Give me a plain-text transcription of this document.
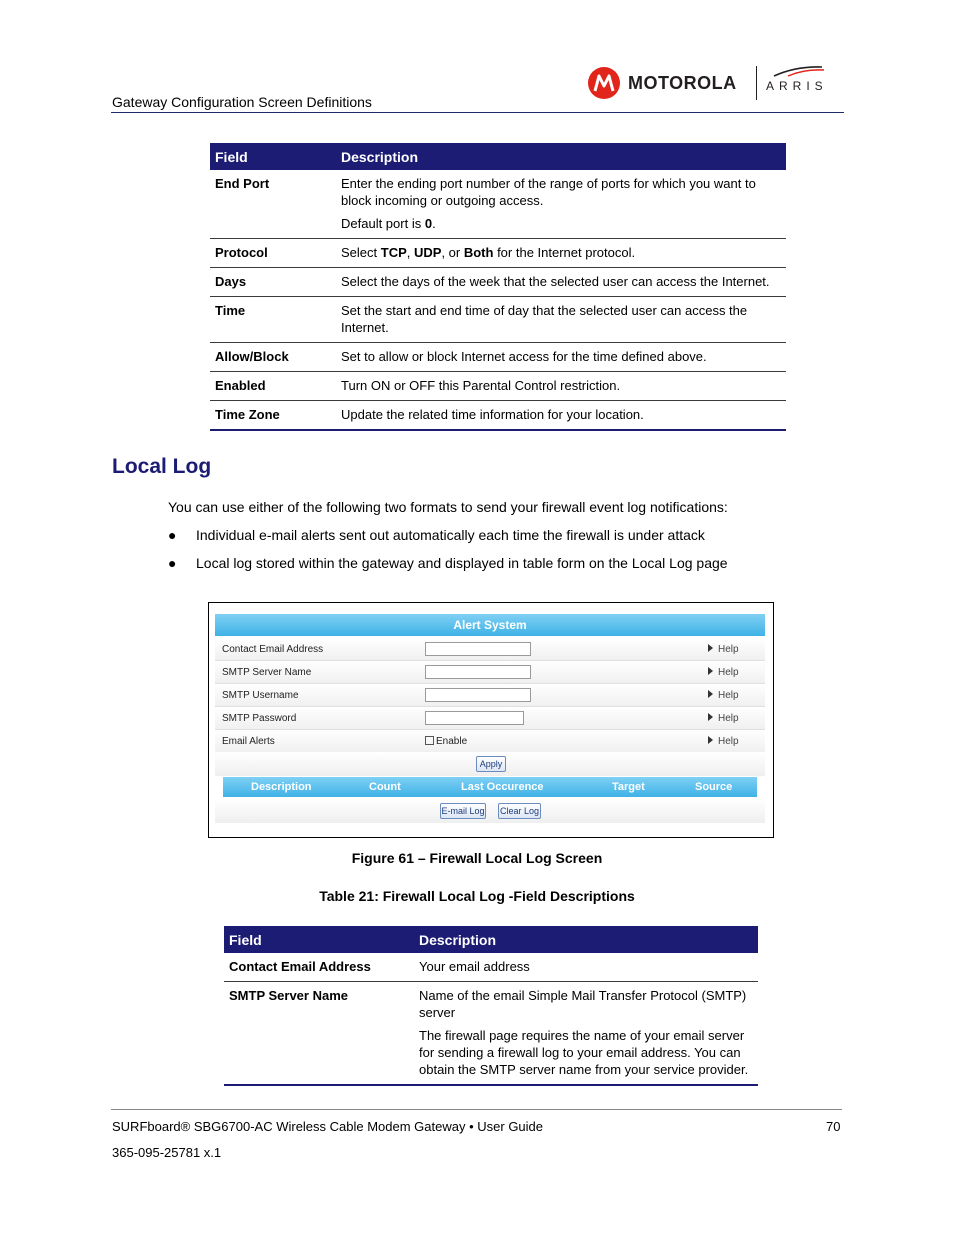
MOTOROLA ARRIS
Gateway Configuration Screen Definitions
Field	Description
End Port	Enter the ending port number of the range of ports for which you want to block incoming or outgoing access.

Default port is 0.

Protocol	Select TCP, UDP, or Both for the Internet protocol.
Days	Select the days of the week that the selected user can access the Internet.
Time	Set the start and end time of day that the selected user can access the Internet.
Allow/Block	Set to allow or block Internet access for the time defined above.
Enabled	Turn ON or OFF this Parental Control restriction.
Time Zone	Update the related time information for your location.
Local Log
You can use either of the following two formats to send your firewall event log notifications:
● Individual e-mail alerts sent out automatically each time the firewall is under attack
● Local log stored within the gateway and displayed in table form on the Local Log page
Alert System
Contact Email Address	Help
SMTP Server Name	Help
SMTP Username	Help
SMTP Password	Help
Email Alerts	Enable	Help
Apply
Description	Count	Last Occurence	Target	Source
E-mail Log Clear Log
Figure 61 – Firewall Local Log Screen
Table 21: Firewall Local Log -Field Descriptions
Field	Description
Contact Email Address	Your email address
SMTP Server Name	Name of the email Simple Mail Transfer Protocol (SMTP) server

The firewall page requires the name of your email server for sending a firewall log to your email address. You can obtain the SMTP server name from your service provider.

SURFboard® SBG6700-AC Wireless Cable Modem Gateway • User Guide
365-095-25781 x.1
70
